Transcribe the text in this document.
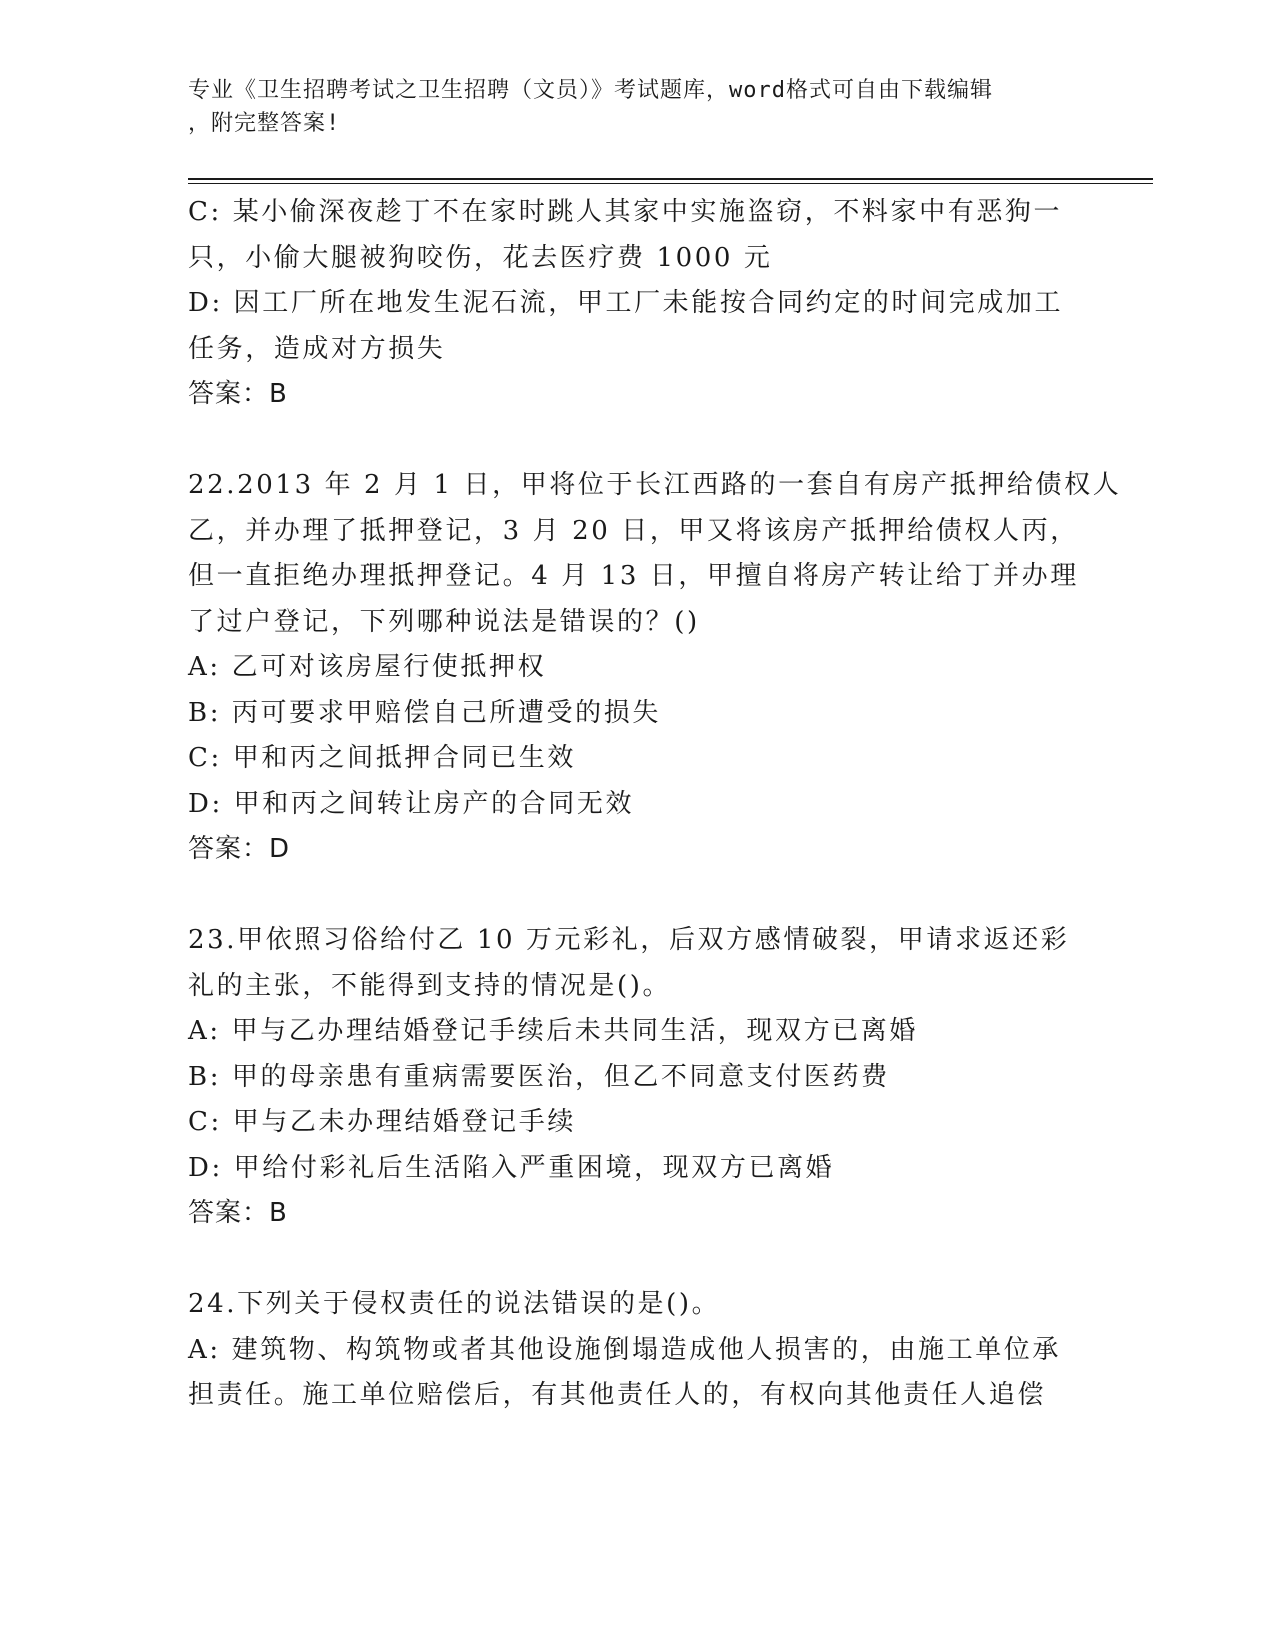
专业《卫生招聘考试之卫生招聘（文员）》考试题库，word格式可自由下载编辑
，附完整答案!
C: 某小偷深夜趁丁不在家时跳人其家中实施盗窃，不料家中有恶狗一
只，小偷大腿被狗咬伤，花去医疗费 1000 元
D: 因工厂所在地发生泥石流，甲工厂未能按合同约定的时间完成加工
任务，造成对方损失
答案：B
22.2013 年 2 月 1 日，甲将位于长江西路的一套自有房产抵押给债权人
乙，并办理了抵押登记，3 月 20 日，甲又将该房产抵押给债权人丙，
但一直拒绝办理抵押登记。4 月 13 日，甲擅自将房产转让给丁并办理
了过户登记，下列哪种说法是错误的？()
A: 乙可对该房屋行使抵押权
B: 丙可要求甲赔偿自己所遭受的损失
C: 甲和丙之间抵押合同已生效
D: 甲和丙之间转让房产的合同无效
答案：D
23.甲依照习俗给付乙 10 万元彩礼，后双方感情破裂，甲请求返还彩
礼的主张，不能得到支持的情况是()。
A: 甲与乙办理结婚登记手续后未共同生活，现双方已离婚
B: 甲的母亲患有重病需要医治，但乙不同意支付医药费
C: 甲与乙未办理结婚登记手续
D: 甲给付彩礼后生活陷入严重困境，现双方已离婚
答案：B
24.下列关于侵权责任的说法错误的是()。
A: 建筑物、构筑物或者其他设施倒塌造成他人损害的，由施工单位承
担责任。施工单位赔偿后，有其他责任人的，有权向其他责任人追偿
